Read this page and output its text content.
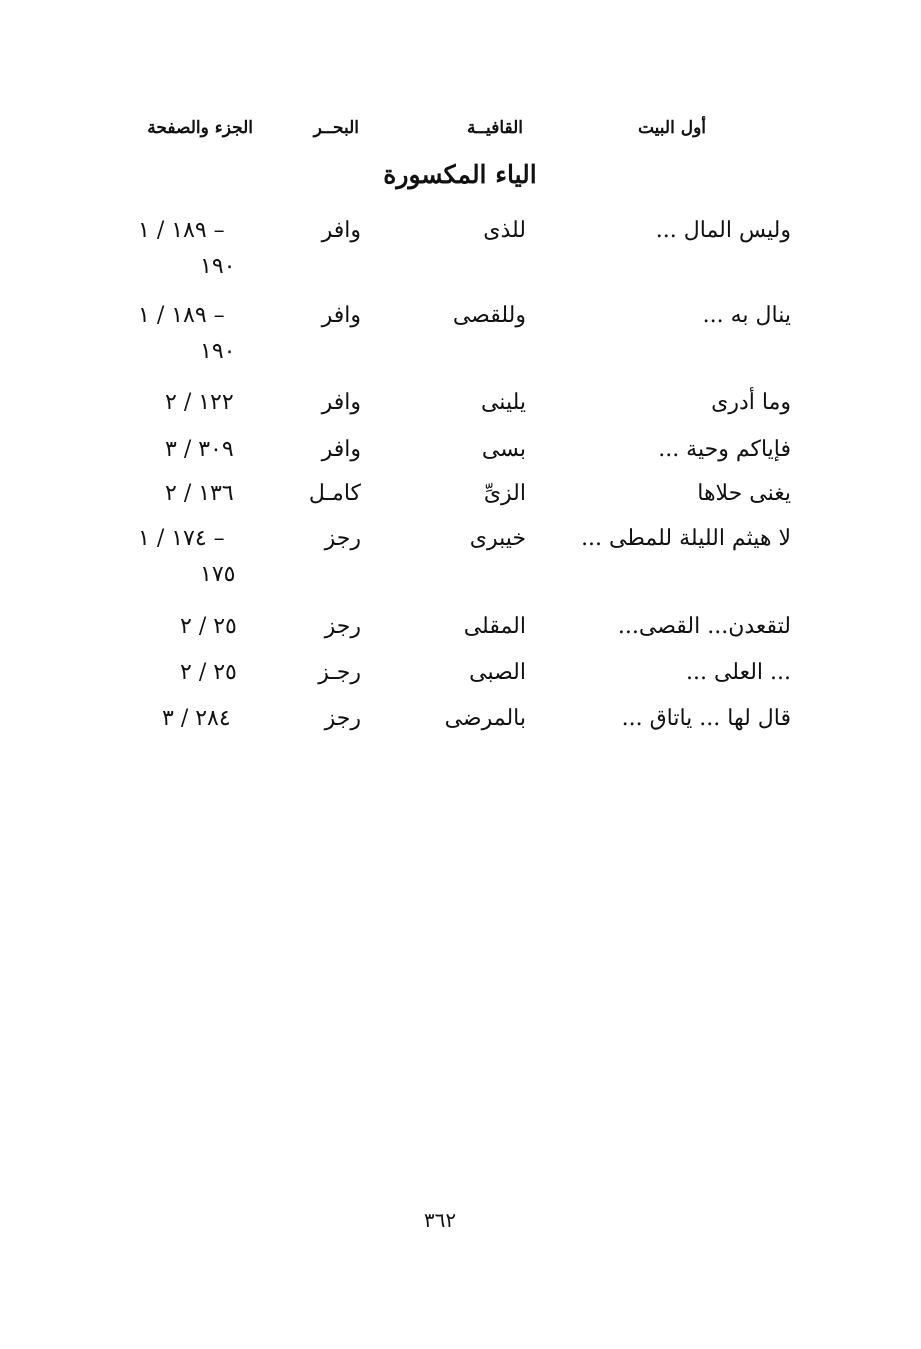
أول البيت
القافيــة
البحــر
الجزء والصفحة
الياء المكسورة
وليس المال ...
للذى
وافر
١٨٩ / ١ –
١٩٠
ينال به ...
وللقصى
وافر
١٨٩ / ١ –
١٩٠
وما أدرى
يلينى
وافر
١٢٢ / ٢
فإياكم وحية ...
بسى
وافر
٣٠٩ / ٣
يغنى حلاها
الزىِّ
كامـل
١٣٦ / ٢
لا هيثم الليلة للمطى ...
خيبرى
رجز
١٧٤ / ١ –
١٧٥
لتقعدن... القصى...
المقلى
رجز
٢٥ / ٢
... العلى ...
الصبى
رجـز
٢٥ / ٢
قال لها ... ياتاق ...
بالمرضى
رجز
٢٨٤ / ٣
٣٦٢
